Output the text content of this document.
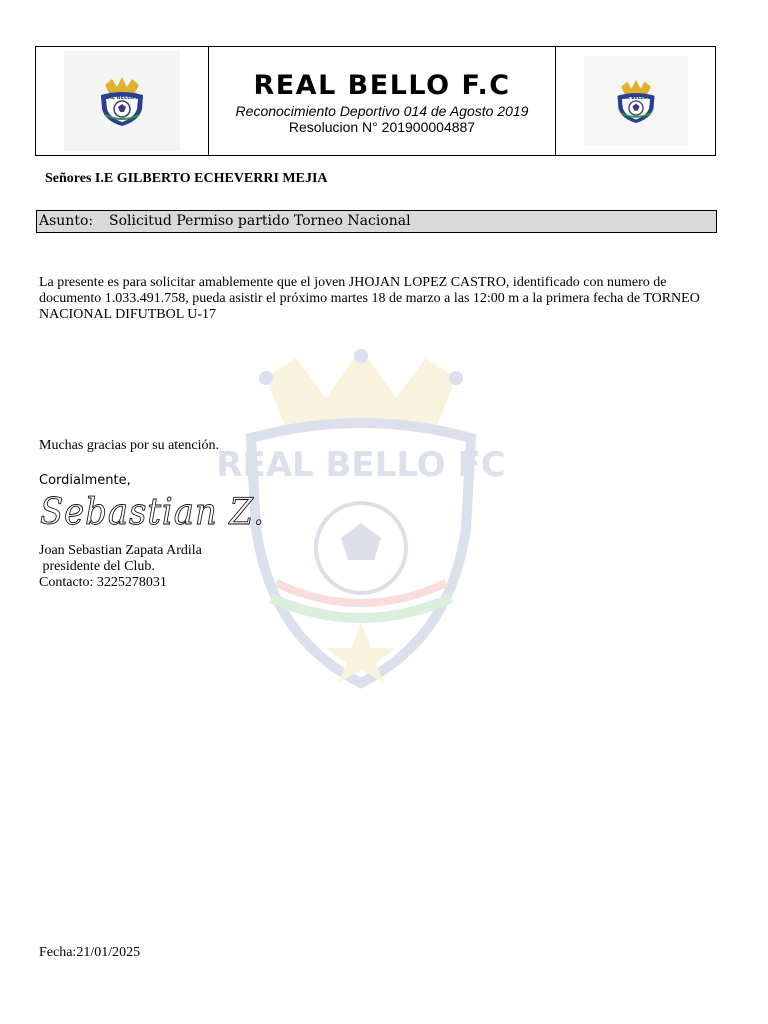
REAL BELLO FC
REAL BELLO FC	REAL BELLO F.C
Reconocimiento Deportivo 014 de Agosto 2019
Resolucion N° 201900004887
REAL BELLO FC
Señores I.E GILBERTO ECHEVERRI MEJIA
Asunto: Solicitud Permiso partido Torneo Nacional
La presente es para solicitar amablemente que el joven JHOJAN LOPEZ CASTRO, identificado con numero de documento 1.033.491.758, pueda asistir el próximo martes 18 de marzo a las 12:00 m a la primera fecha de TORNEO NACIONAL DIFUTBOL U-17
Muchas gracias por su atención.
Cordialmente,
Sebastian Z.
Joan Sebastian Zapata Ardila
presidente del Club.
Contacto: 3225278031
Fecha:21/01/2025
